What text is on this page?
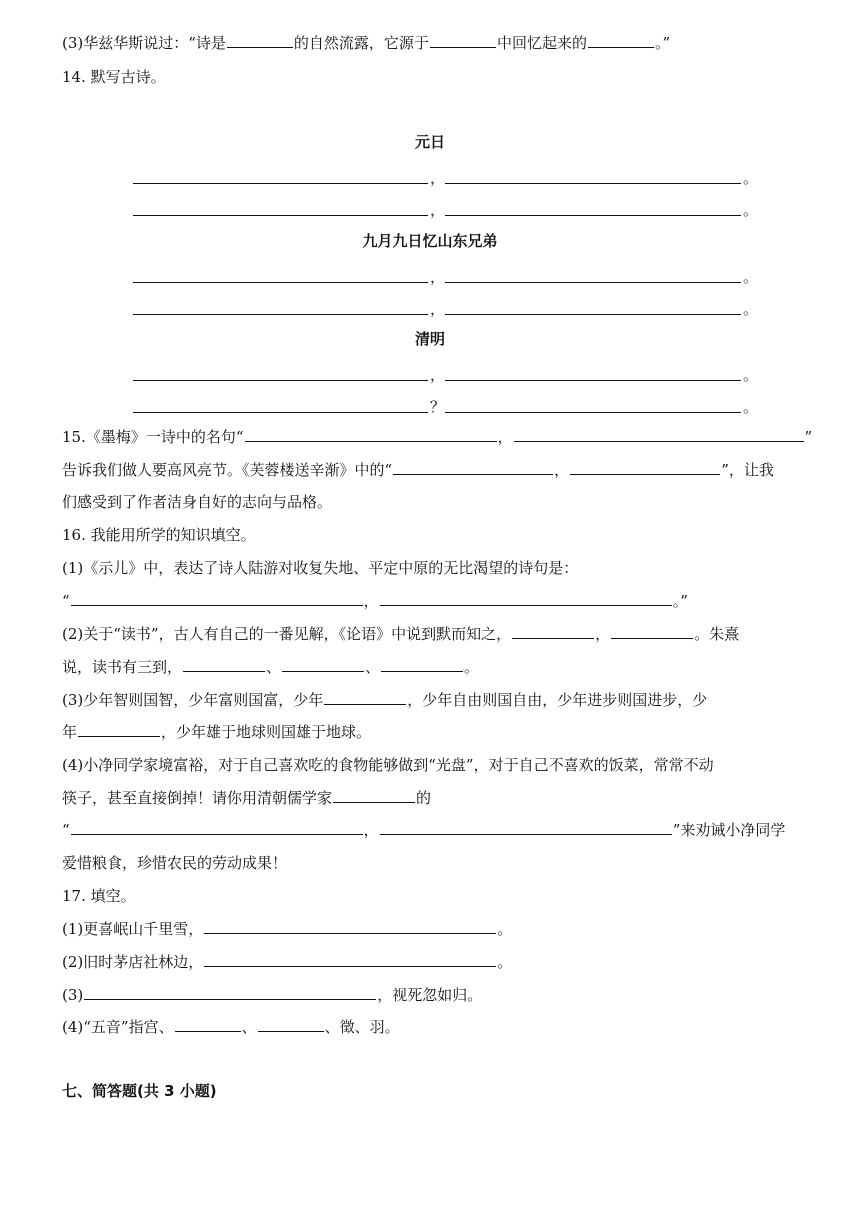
(3)华兹华斯说过：“诗是	的自然流露，它源于	中回忆起来的	。”
14. 默写古诗。
元日
，	。
，	。
九月九日忆山东兄弟
，	。
，	。
清明
，	。
？	。
15.《墨梅》一诗中的名句“	，	”
告诉我们做人要高风亮节。《芙蓉楼送辛渐》中的“	，	”，让我
们感受到了作者洁身自好的志向与品格。
16. 我能用所学的知识填空。
(1)《示儿》中，表达了诗人陆游对收复失地、平定中原的无比渴望的诗句是：
“	，	。”
(2)关于“读书”，古人有自己的一番见解，《论语》中说到默而知之，	，	。朱熹
说，读书有三到，	、	、	。
(3)少年智则国智，少年富则国富，少年	，少年自由则国自由，少年进步则国进步，少
年	，少年雄于地球则国雄于地球。
(4)小净同学家境富裕，对于自己喜欢吃的食物能够做到“光盘”，对于自己不喜欢的饭菜，常常不动
筷子，甚至直接倒掉！请你用清朝儒学家	的
“	，	”来劝诫小净同学
爱惜粮食，珍惜农民的劳动成果！
17. 填空。
(1)更喜岷山千里雪，	。
(2)旧时茅店社林边，	。
(3)	，视死忽如归。
(4)“五音”指宫、	、	、徵、羽。
七、简答题(共 3 小题)
